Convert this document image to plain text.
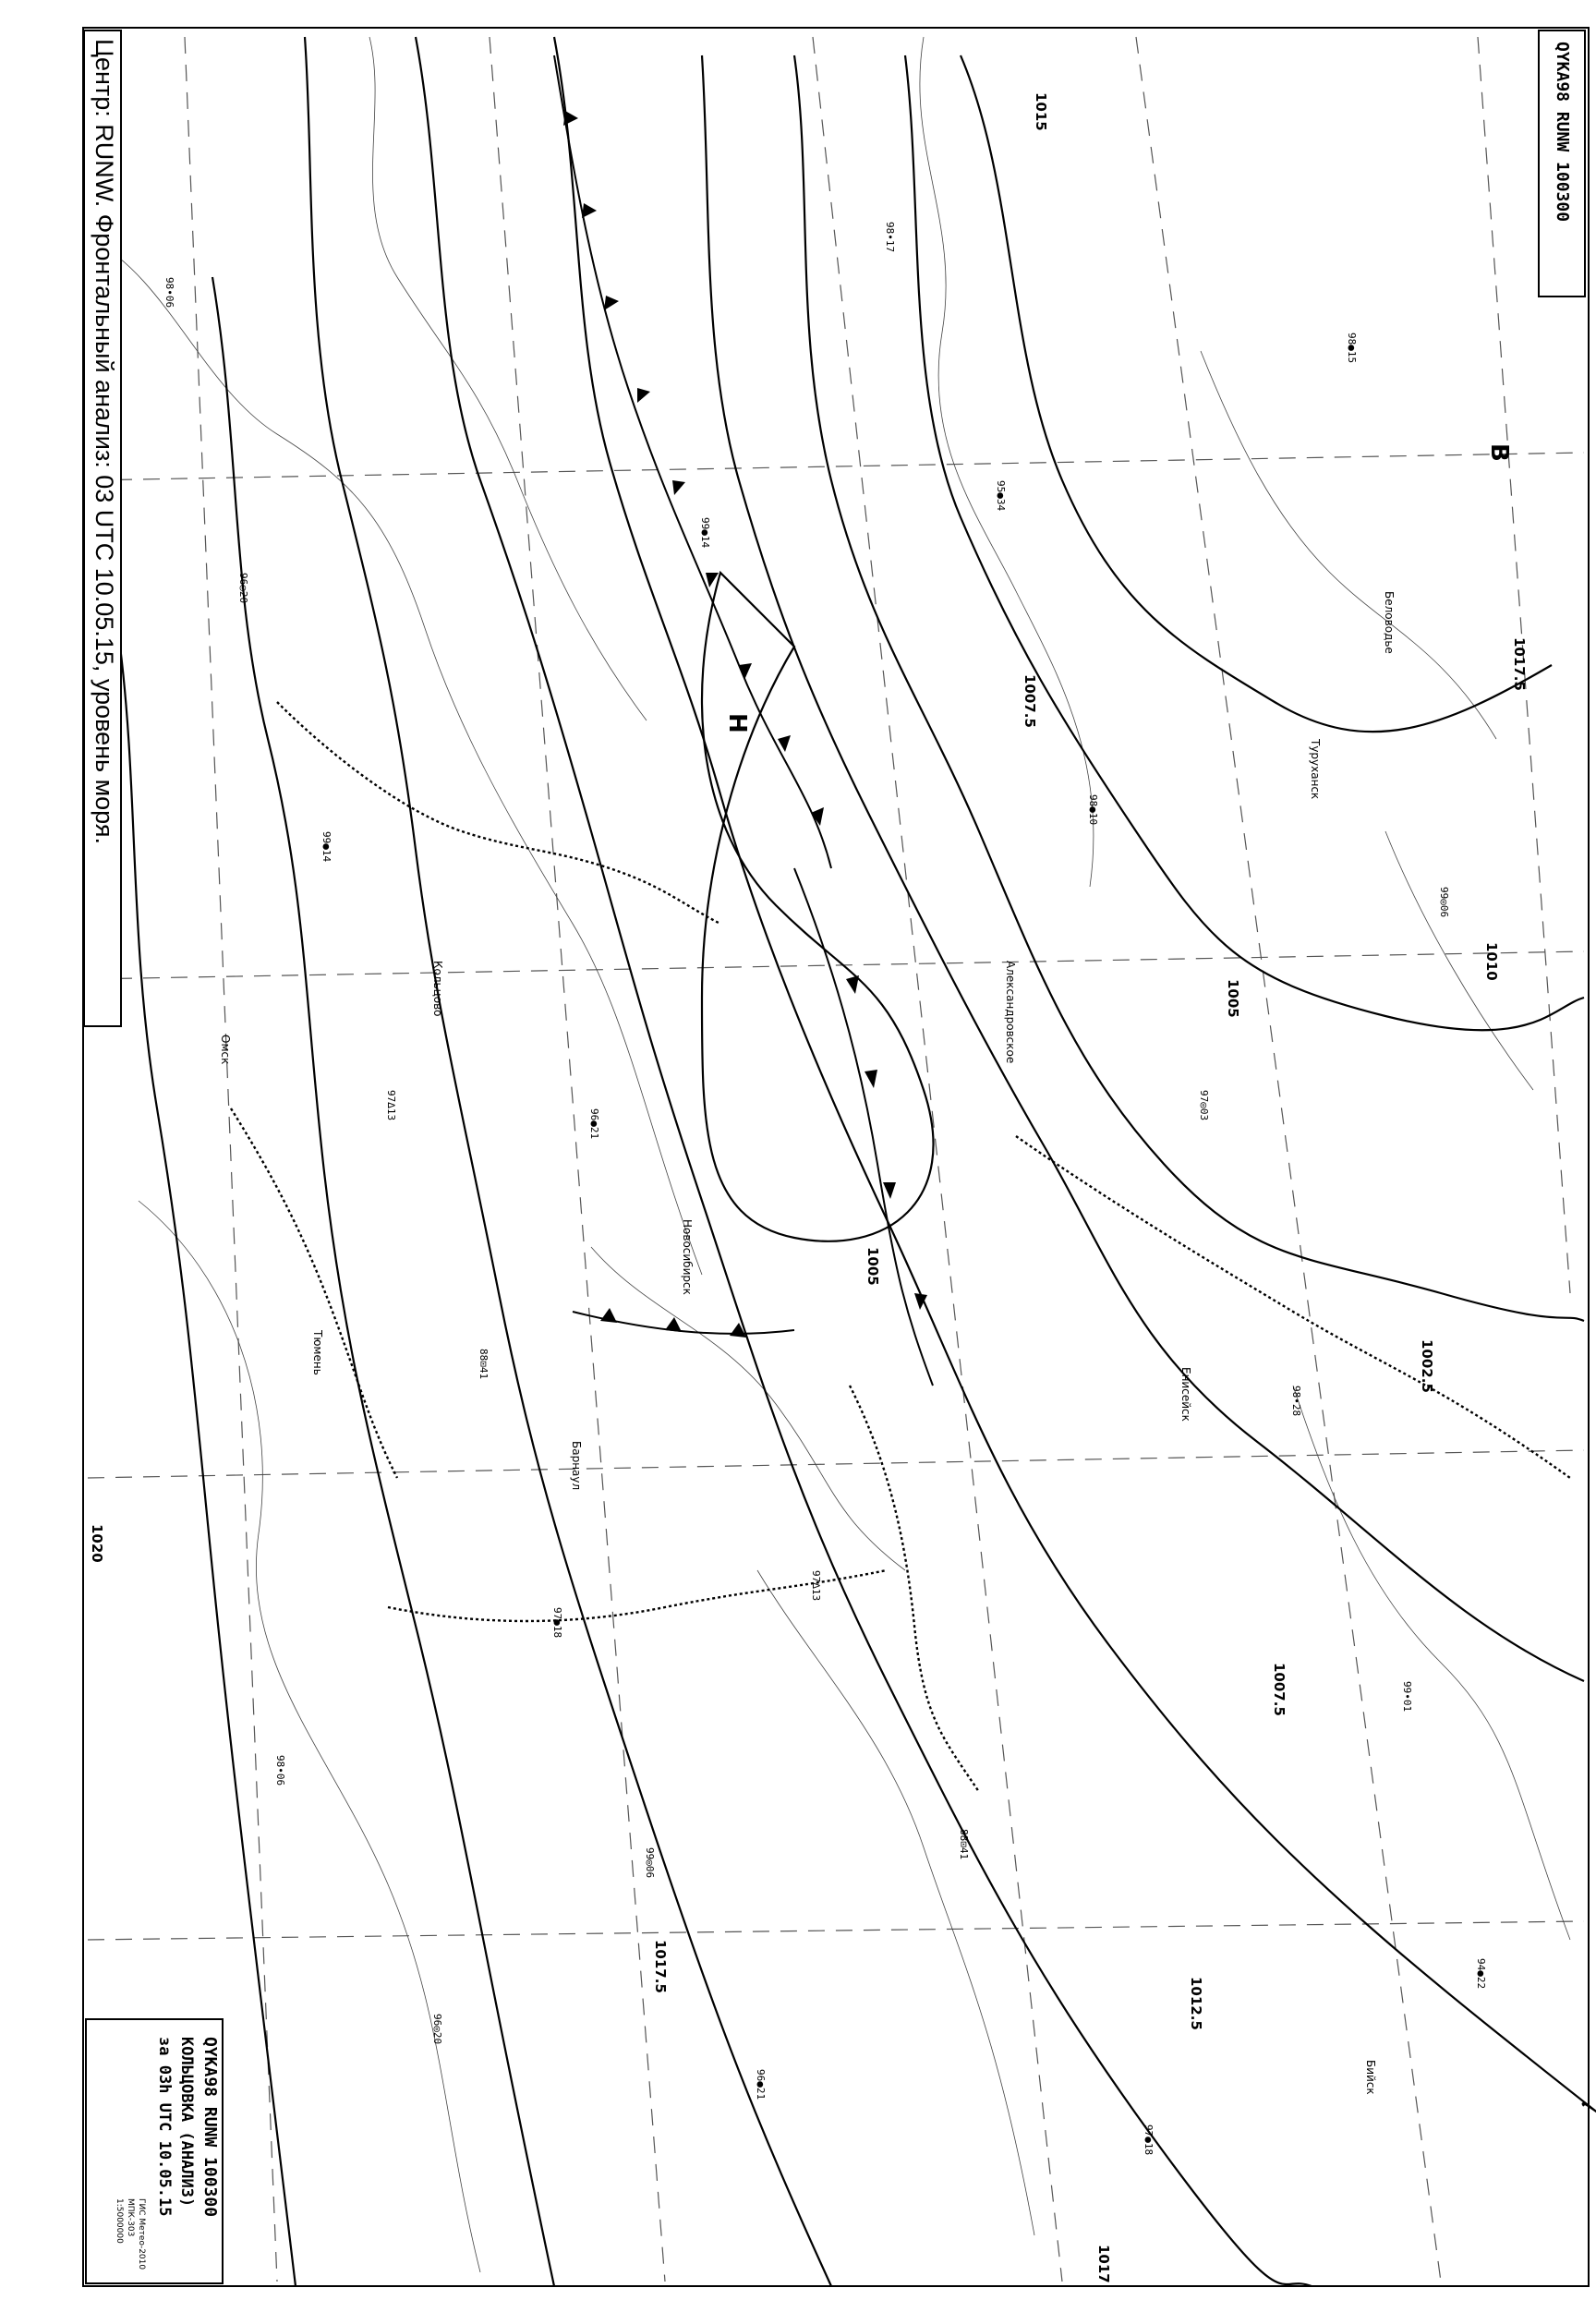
1015
1017.5
1007.5
1010
1005
1002.5
1007.5
1017.5
1012.5
1020
1005
1017
Н
В
Беловодье
Кольцово
Тюмень
Новосибирск
Барнаул
Омск	Александровское
Туруханск
Енисейск
Бийск
98•06
96◎20
99●14
97∆13
88⊡41
97●18
99◎06
96●21
98•17
95●34
98●10
97◎03
98•28
99•01
94●22
98●15
98•06
96◎20
99●14
97∆13
88⊡41
97●18
99◎06
96●21
Центр: RUNW. Фронтальный анализ: 03 UTC 10.05.15, уровень моря.	QYKA98 RUNW 100300
QYKA98 RUNW 100300
КОЛЬЦОВКА (АНАЛИЗ)
за 03h UTC 10.05.15
ГИС Метео-2010
МПК-303
1:5000000
